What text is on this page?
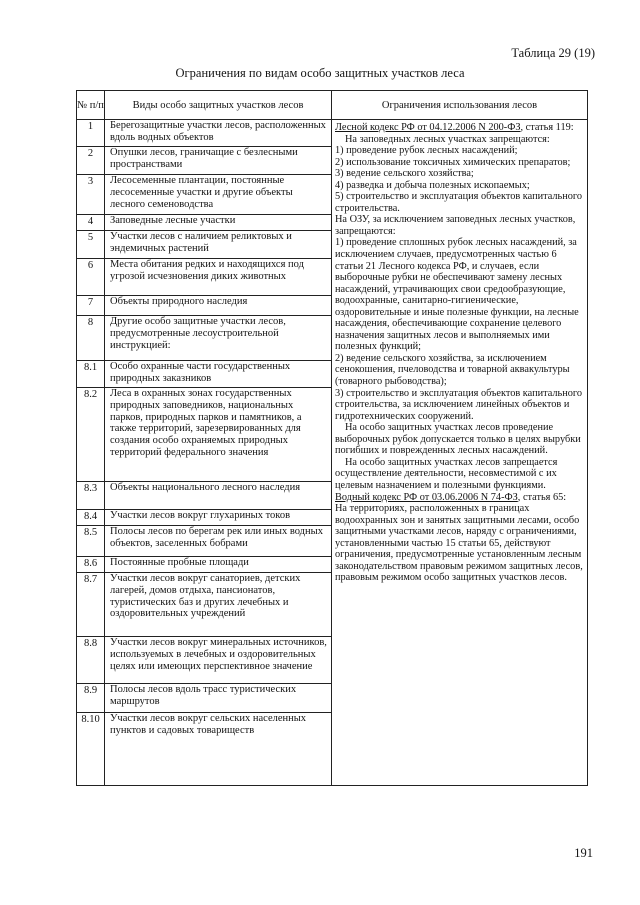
Таблица 29 (19)
Ограничения по видам особо защитных участков леса
№ п/п	Виды особо защитных участков лесов	Ограничения использования лесов
1	Берегозащитные участки лесов, расположенных вдоль водных объектов
2	Опушки лесов, граничащие с безлесными пространствами
3	Лесосеменные плантации, постоянные лесосеменные участки и другие объекты лесного семеноводства
4	Заповедные лесные участки
5	Участки лесов с наличием реликтовых и эндемичных растений
6	Места обитания редких и находящихся под угрозой исчезновения диких животных
7	Объекты природного наследия
8	Другие особо защитные участки лесов, предусмотренные лесоустроительной инструкцией:
8.1	Особо охранные части государственных природных заказников
8.2	Леса в охранных зонах государственных природных заповедников, национальных парков, природных парков и памятников, а также территорий, зарезервированных для создания особо охраняемых природных территорий федерального значения
8.3	Объекты национального лесного наследия
8.4	Участки лесов вокруг глухариных токов
8.5	Полосы лесов по берегам рек или иных водных объектов, заселенных бобрами
8.6	Постоянные пробные площади
8.7	Участки лесов вокруг санаториев, детских лагерей, домов отдыха, пансионатов, туристических баз и других лечебных и оздоровительных учреждений
8.8	Участки лесов вокруг минеральных источников, используемых в лечебных и оздоровительных целях или имеющих перспективное значение
8.9	Полосы лесов вдоль трасс туристических маршрутов
8.10 Участки лесов вокруг сельских населенных пунктов и садовых товариществ

Лесной кодекс РФ от 04.12.2006 N 200-ФЗ, статья 119:

На заповедных лесных участках запрещаются:

1) проведение рубок лесных насаждений;

2) использование токсичных химических препаратов;

3) ведение сельского хозяйства;

4) разведка и добыча полезных ископаемых;

5) строительство и эксплуатация объектов капитального строительства.

На ОЗУ, за исключением заповедных лесных участков, запрещаются:

1) проведение сплошных рубок лесных насаждений, за исключением случаев, предусмотренных частью 6 статьи 21 Лесного кодекса РФ, и случаев, если выборочные рубки не обеспечивают замену лесных насаждений, утрачивающих свои средообразующие, водоохранные, санитарно-гигиенические, оздоровительные и иные полезные функции, на лесные насаждения, обеспечивающие сохранение целевого назначения защитных лесов и выполняемых ими полезных функций;

2) ведение сельского хозяйства, за исключением сенокошения, пчеловодства и товарной аквакультуры (товарного рыбоводства);

3) строительство и эксплуатация объектов капитального строительства, за исключением линейных объектов и гидротехнических сооружений.

На особо защитных участках лесов проведение выборочных рубок допускается только в целях вырубки погибших и поврежденных лесных насаждений.

На особо защитных участках лесов запрещается осуществление деятельности, несовместимой с их целевым назначением и полезными функциями.

Водный кодекс РФ от 03.06.2006 N 74-ФЗ, статья 65:

На территориях, расположенных в границах водоохранных зон и занятых защитными лесами, особо защитными участками лесов, наряду с ограничениями, установленными частью 15 статьи 65, действуют ограничения, предусмотренные установленным лесным законодательством правовым режимом защитных лесов, правовым режимом особо защитных участков лесов.

191
